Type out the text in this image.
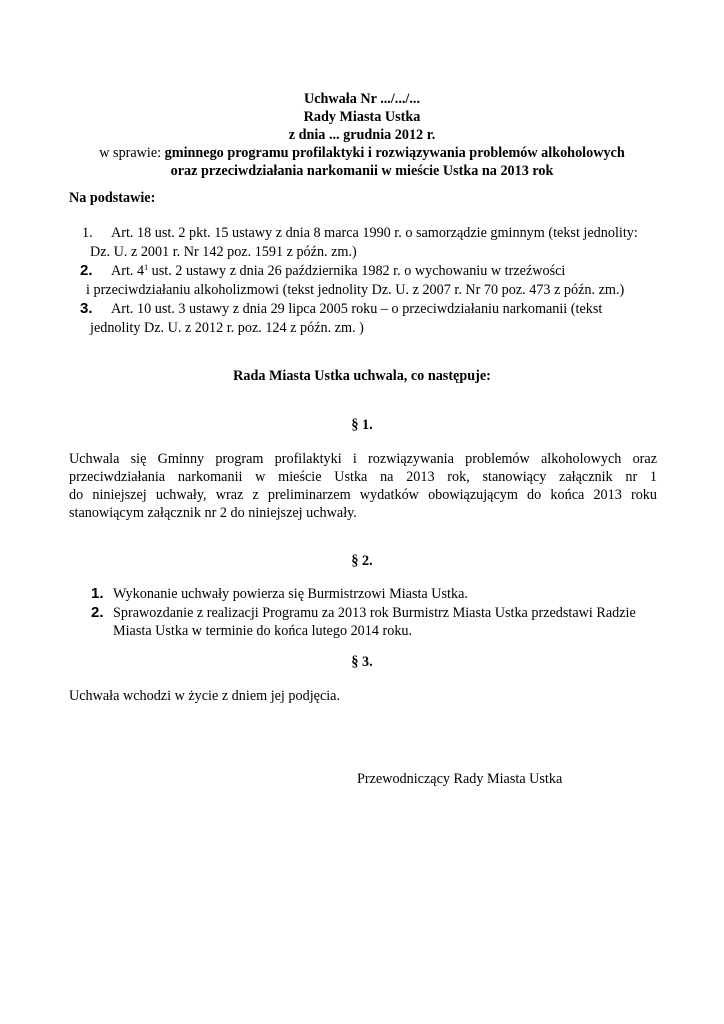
Uchwała Nr .../.../...
Rady Miasta Ustka
z dnia ... grudnia 2012 r.
w sprawie: gminnego programu profilaktyki i rozwiązywania problemów alkoholowych
oraz przeciwdziałania narkomanii w mieście Ustka na 2013 rok
Na podstawie:
1. Art. 18 ust. 2 pkt. 15 ustawy z dnia 8 marca 1990 r. o samorządzie gminnym (tekst jednolity:
Dz. U. z 2001 r. Nr 142 poz. 1591 z późn. zm.)
2. Art. $4^1$ ust. 2 ustawy z dnia 26 października 1982 r. o wychowaniu w trzeźwości
i przeciwdziałaniu alkoholizmowi (tekst jednolity Dz. U. z 2007 r. Nr 70 poz. 473 z późn. zm.)
3. Art. 10 ust. 3 ustawy z dnia 29 lipca 2005 roku – o przeciwdziałaniu narkomanii (tekst
jednolity Dz. U. z 2012 r. poz. 124 z późn. zm. )
Rada Miasta Ustka uchwala, co następuje:
§ 1.
Uchwala się Gminny program profilaktyki i rozwiązywania problemów alkoholowych oraz
przeciwdziałania narkomanii w mieście Ustka na 2013 rok, stanowiący załącznik nr 1
do niniejszej uchwały, wraz z preliminarzem wydatków obowiązującym do końca 2013 roku
stanowiącym załącznik nr 2 do niniejszej uchwały.
§ 2.
1. Wykonanie uchwały powierza się Burmistrzowi Miasta Ustka.
2. Sprawozdanie z realizacji Programu za 2013 rok Burmistrz Miasta Ustka przedstawi Radzie
Miasta Ustka w terminie do końca lutego 2014 roku.
§ 3.
Uchwała wchodzi w życie z dniem jej podjęcia.
Przewodniczący Rady Miasta Ustka
